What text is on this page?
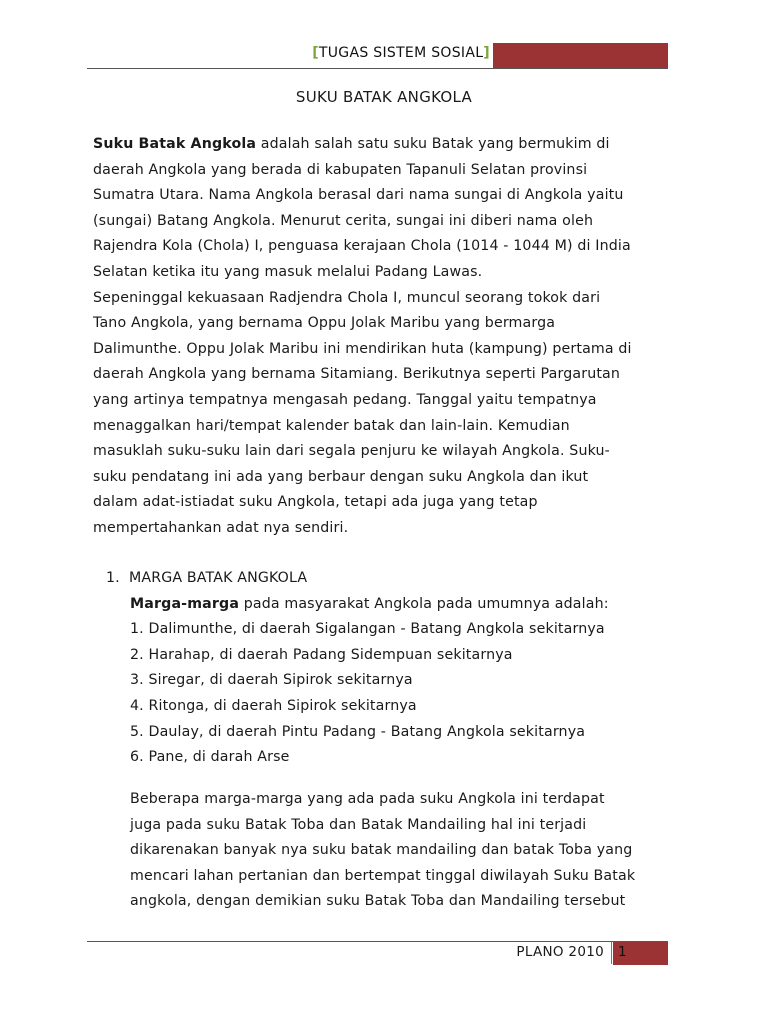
[TUGAS SISTEM SOSIAL]
SUKU BATAK ANGKOLA
Suku Batak Angkola adalah salah satu suku Batak yang bermukim di
daerah Angkola yang berada di kabupaten Tapanuli Selatan provinsi
Sumatra Utara. Nama Angkola berasal dari nama sungai di Angkola yaitu
(sungai) Batang Angkola. Menurut cerita, sungai ini diberi nama oleh
Rajendra Kola (Chola) I, penguasa kerajaan Chola (1014 - 1044 M) di India
Selatan ketika itu yang masuk melalui Padang Lawas.
Sepeninggal kekuasaan Radjendra Chola I, muncul seorang tokok dari
Tano Angkola, yang bernama Oppu Jolak Maribu yang bermarga
Dalimunthe. Oppu Jolak Maribu ini mendirikan huta (kampung) pertama di
daerah Angkola yang bernama Sitamiang. Berikutnya seperti Pargarutan
yang artinya tempatnya mengasah pedang. Tanggal yaitu tempatnya
menaggalkan hari/tempat kalender batak dan lain-lain. Kemudian
masuklah suku-suku lain dari segala penjuru ke wilayah Angkola. Suku-
suku pendatang ini ada yang berbaur dengan suku Angkola dan ikut
dalam adat-istiadat suku Angkola, tetapi ada juga yang tetap
mempertahankan adat nya sendiri.
1. MARGA BATAK ANGKOLA
Marga-marga pada masyarakat Angkola pada umumnya adalah:
1. Dalimunthe, di daerah Sigalangan - Batang Angkola sekitarnya
2. Harahap, di daerah Padang Sidempuan sekitarnya
3. Siregar, di daerah Sipirok sekitarnya
4. Ritonga, di daerah Sipirok sekitarnya
5. Daulay, di daerah Pintu Padang - Batang Angkola sekitarnya
6. Pane, di darah Arse
Beberapa marga-marga yang ada pada suku Angkola ini terdapat
juga pada suku Batak Toba dan Batak Mandailing hal ini terjadi
dikarenakan banyak nya suku batak mandailing dan batak Toba yang
mencari lahan pertanian dan bertempat tinggal diwilayah Suku Batak
angkola, dengan demikian suku Batak Toba dan Mandailing tersebut
PLANO 2010 1
